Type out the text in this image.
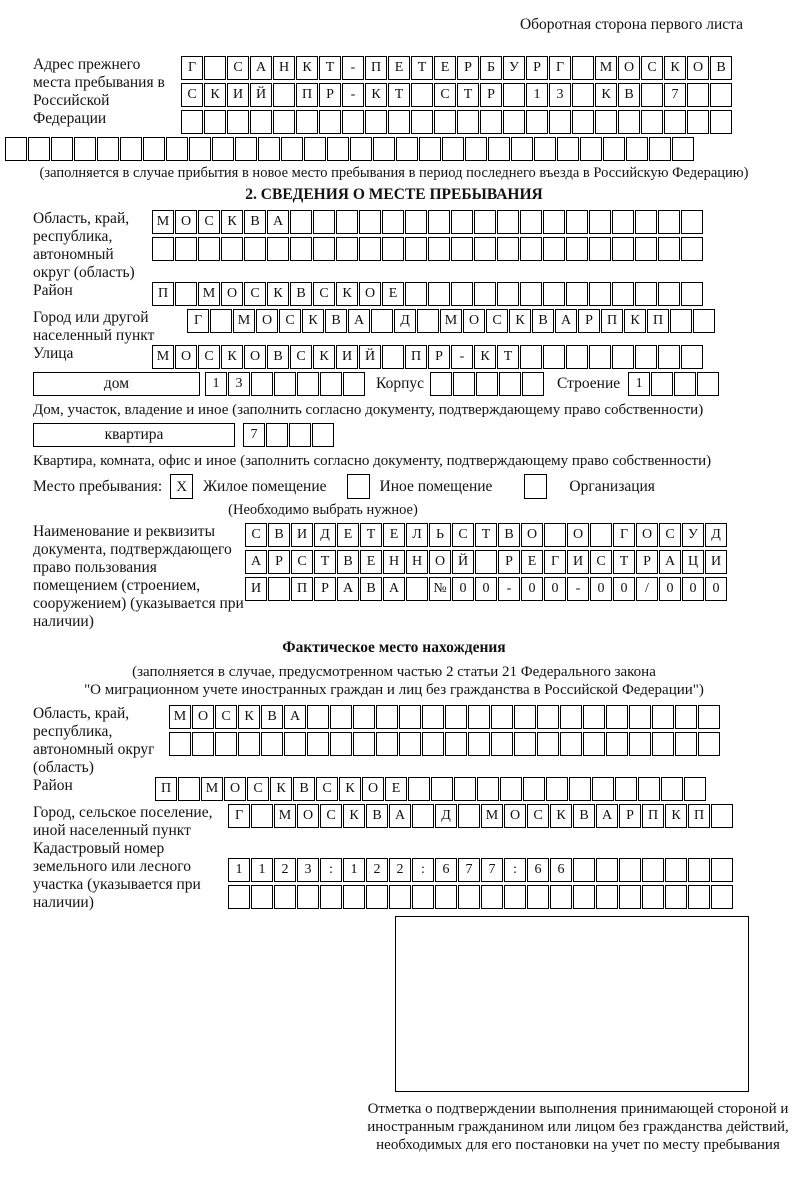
Оборотная сторона первого листа
Адрес прежнего места пребывания в Российской Федерации
Г	С А Н К	Т	-	П Е	Т	Е	Р	Б	У	Р	Г	М О С К О В
С К И Й	П	Р	-	К	Т	С	Т	Р	1	3	К В	7
(заполняется в случае прибытия в новое место пребывания в период последнего въезда в Российскую Федерацию)
2. СВЕДЕНИЯ О МЕСТЕ ПРЕБЫВАНИЯ
Область, край, республика, автономный округ (область)
М О С К В А
Район	П	М О С К В С К О Е
Город или другой населенный пункт
Г	М О С К В А	Д	М О С К В А	Р	П К П
Улица	М О С К О В С К И Й	П	Р	-	К	Т
дом	1	3	Корпус	Строение	1
Дом, участок, владение и иное (заполнить согласно документу, подтверждающему право собственности)
квартира	7
Квартира, комната, офис и иное (заполнить согласно документу, подтверждающему право собственности)
Место пребывания: X	Жилое помещение	Иное помещение	Организация
(Необходимо выбрать нужное)
Наименование и реквизиты документа, подтверждающего право пользования помещением (строением, сооружением) (указывается при наличии)
С В И Д Е	Т	Е Л	Ь	С	Т	В О	О	Г О С У Д
А	Р	С	Т	В	Е Н Н О Й	Р	Е	Г И С	Т	Р	А Ц И
И	П	Р	А В А	№ 0	0	-	0	0	-	0	0	/	0	0	0
Фактическое место нахождения
(заполняется в случае, предусмотренном частью 2 статьи 21 Федерального закона
"О миграционном учете иностранных граждан и лиц без гражданства в Российской Федерации")
Область, край, республика, автономный округ (область)
М О С К В А
Район	П	М О С К В С К О Е
Город, сельское поселение, иной населенный пункт
Г	М О С К В А	Д	М О С К В А	Р	П К П
Кадастровый номер земельного или лесного участка (указывается при наличии)
1	1	2	3	:	1	2	2	:	6	7	7	:	6	6
Отметка о подтверждении выполнения принимающей стороной и иностранным гражданином или лицом без гражданства действий, необходимых для его постановки на учет по месту пребывания
